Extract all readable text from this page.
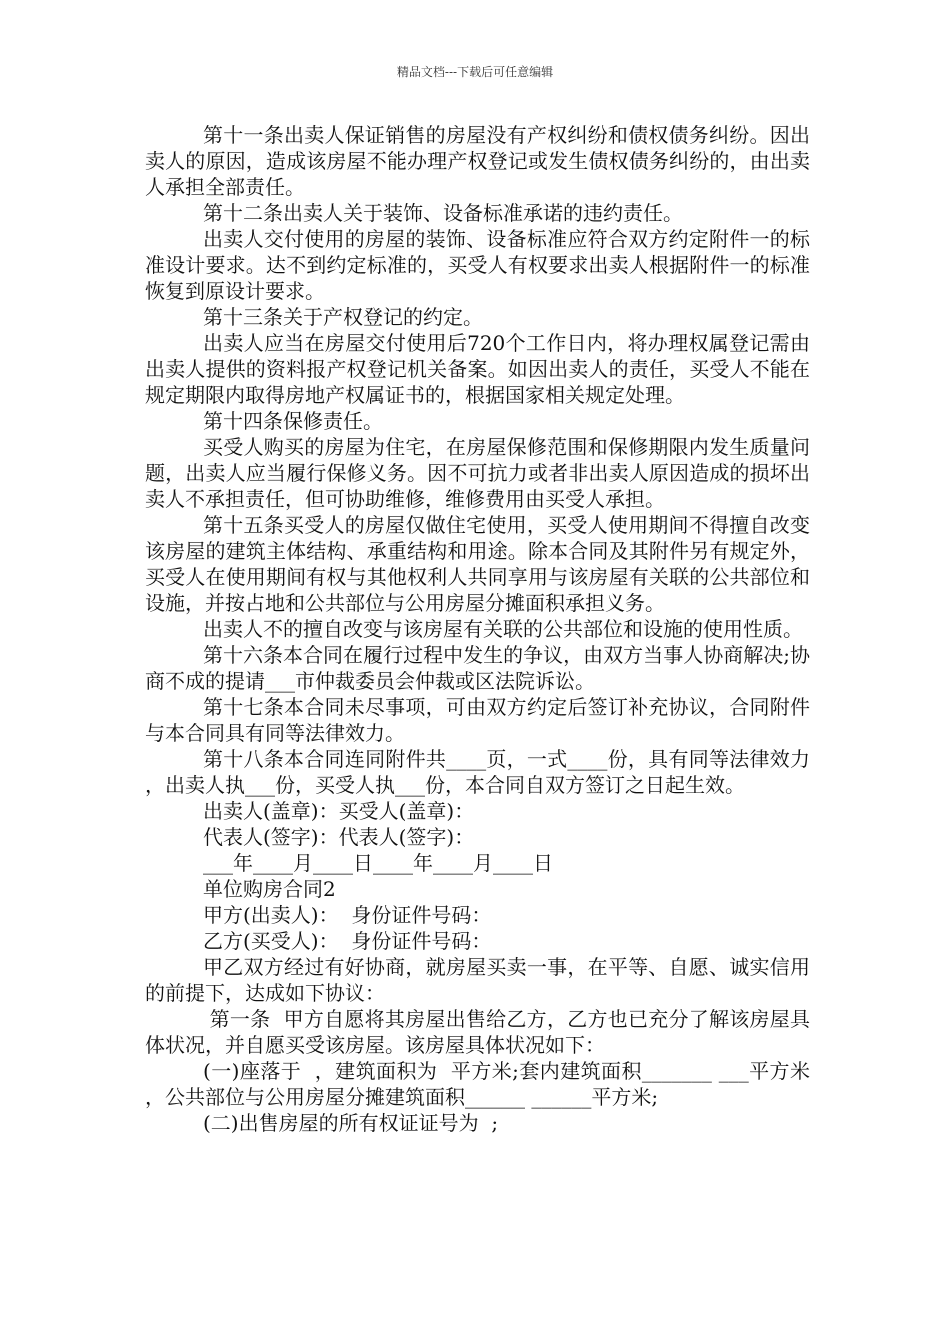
精品文档---下载后可任意编辑

第十一条出卖人保证销售的房屋没有产权纠纷和债权债务纠纷。因出卖人的原因，造成该房屋不能办理产权登记或发生债权债务纠纷的，由出卖人承担全部责任。

第十二条出卖人关于装饰、设备标准承诺的违约责任。

出卖人交付使用的房屋的装饰、设备标准应符合双方约定附件一的标准设计要求。达不到约定标准的，买受人有权要求出卖人根据附件一的标准恢复到原设计要求。

第十三条关于产权登记的约定。

出卖人应当在房屋交付使用后720个工作日内，将办理权属登记需由出卖人提供的资料报产权登记机关备案。如因出卖人的责任，买受人不能在规定期限内取得房地产权属证书的，根据国家相关规定处理。

第十四条保修责任。

买受人购买的房屋为住宅，在房屋保修范围和保修期限内发生质量问题，出卖人应当履行保修义务。因不可抗力或者非出卖人原因造成的损坏出卖人不承担责任，但可协助维修，维修费用由买受人承担。

第十五条买受人的房屋仅做住宅使用，买受人使用期间不得擅自改变该房屋的建筑主体结构、承重结构和用途。除本合同及其附件另有规定外，买受人在使用期间有权与其他权利人共同享用与该房屋有关联的公共部位和设施，并按占地和公共部位与公用房屋分摊面积承担义务。

出卖人不的擅自改变与该房屋有关联的公共部位和设施的使用性质。

第十六条本合同在履行过程中发生的争议，由双方当事人协商解决;协商不成的提请___市仲裁委员会仲裁或区法院诉讼。

第十七条本合同未尽事项，可由双方约定后签订补充协议，合同附件与本合同具有同等法律效力。

第十八条本合同连同附件共____页，一式____份，具有同等法律效力，出卖人执___份，买受人执___份，本合同自双方签订之日起生效。

出卖人(盖章)：买受人(盖章)：

代表人(签字)：代表人(签字)：

___年____月____日____年____月____日

单位购房合同2

甲方(出卖人)：  身份证件号码：

乙方(买受人)：  身份证件号码：

甲乙双方经过有好协商，就房屋买卖一事，在平等、自愿、诚实信用的前提下，达成如下协议：

第一条  甲方自愿将其房屋出售给乙方，乙方也已充分了解该房屋具体状况，并自愿买受该房屋。该房屋具体状况如下：

(一)座落于  ，建筑面积为  平方米;套内建筑面积_______ ___平方米，公共部位与公用房屋分摊建筑面积______ ______平方米;

(二)出售房屋的所有权证证号为  ;
